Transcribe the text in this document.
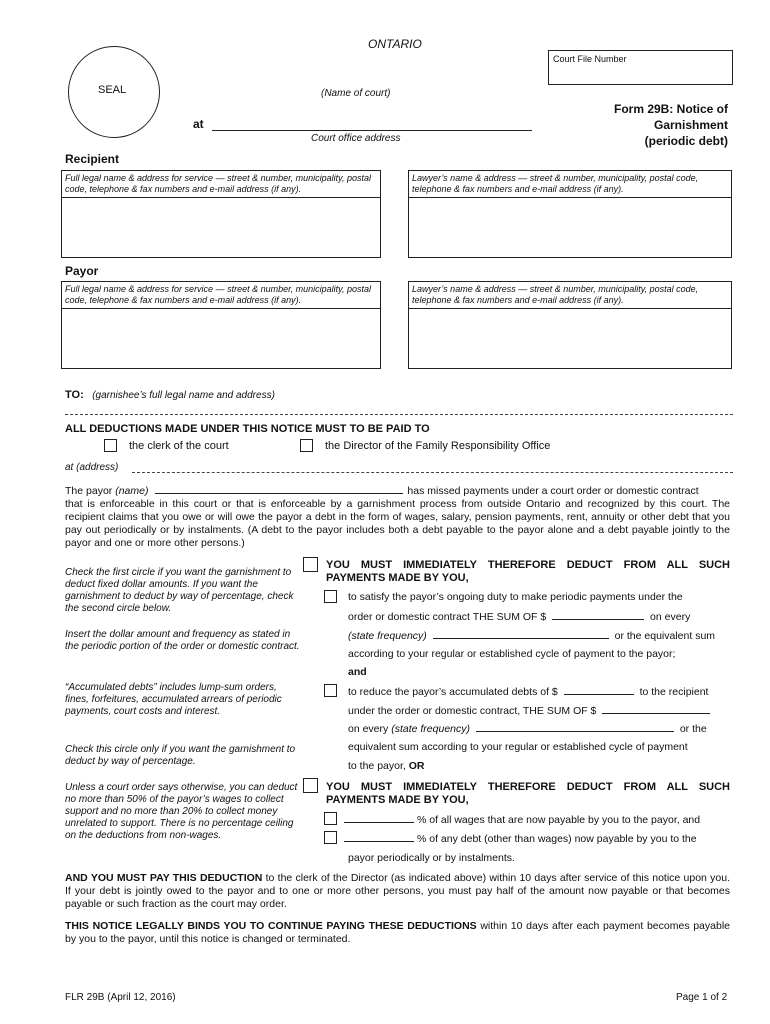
ONTARIO
SEAL
Court File Number
(Name of court)
at
Court office address
Form 29B: Notice of
Garnishment
(periodic debt)
Recipient
Full legal name & address for service — street & number, municipality, postal code, telephone & fax numbers and e-mail address (if any).
Lawyer’s name & address — street & number, municipality, postal code, telephone & fax numbers and e-mail address (if any).
Payor
Full legal name & address for service — street & number, municipality, postal code, telephone & fax numbers and e-mail address (if any).
Lawyer’s name & address — street & number, municipality, postal code, telephone & fax numbers and e-mail address (if any).
TO: (garnishee’s full legal name and address)
ALL DEDUCTIONS MADE UNDER THIS NOTICE MUST TO BE PAID TO
the clerk of the court	the Director of the Family Responsibility Office
at (address)
The payor (name)	has missed payments under a court order or domestic contract
that is enforceable in this court or that is enforceable by a garnishment process from outside Ontario and recognized by this court. The recipient claims that you owe or will owe the payor a debt in the form of wages, salary, pension payments, rent, annuity or other debt that you pay out periodically or by instalments. (A debt to the payor includes both a debt payable to the payor alone and a debt payable jointly to the payor and one or more other persons.)
Check the first circle if you want the garnishment to deduct fixed dollar amounts. If you want the garnishment to deduct by way of percentage, check the second circle below.
Insert the dollar amount and frequency as stated in the periodic portion of the order or domestic contract.
“Accumulated debts” includes lump-sum orders, fines, forfeitures, accumulated arrears of periodic payments, court costs and interest.
Check this circle only if you want the garnishment to deduct by way of percentage.
Unless a court order says otherwise, you can deduct no more than 50% of the payor’s wages to collect support and no more than 20% to collect money unrelated to support. There is no percentage ceiling on the deductions from non-wages.
YOU MUST IMMEDIATELY THEREFORE DEDUCT FROM ALL SUCH PAYMENTS MADE BY YOU,
to satisfy the payor’s ongoing duty to make periodic payments under the
order or domestic contract THE SUM OF $	on every
(state frequency)	or the equivalent sum
according to your regular or established cycle of payment to the payor;
and
to reduce the payor’s accumulated debts of $	to the recipient
under the order or domestic contract, THE SUM OF $
on every (state frequency)	or the
equivalent sum according to your regular or established cycle of payment
to the payor, OR
YOU MUST IMMEDIATELY THEREFORE DEDUCT FROM ALL SUCH PAYMENTS MADE BY YOU,
% of all wages that are now payable by you to the payor, and
% of any debt (other than wages) now payable by you to the
payor periodically or by instalments.
AND YOU MUST PAY THIS DEDUCTION to the clerk of the Director (as indicated above) within 10 days after service of this notice upon you. If your debt is jointly owed to the payor and to one or more other persons, you must pay half of the amount now payable or that becomes payable or such fraction as the court may order.
THIS NOTICE LEGALLY BINDS YOU TO CONTINUE PAYING THESE DEDUCTIONS within 10 days after each payment becomes payable by you to the payor, until this notice is changed or terminated.
FLR 29B (April 12, 2016)	Page 1 of 2
